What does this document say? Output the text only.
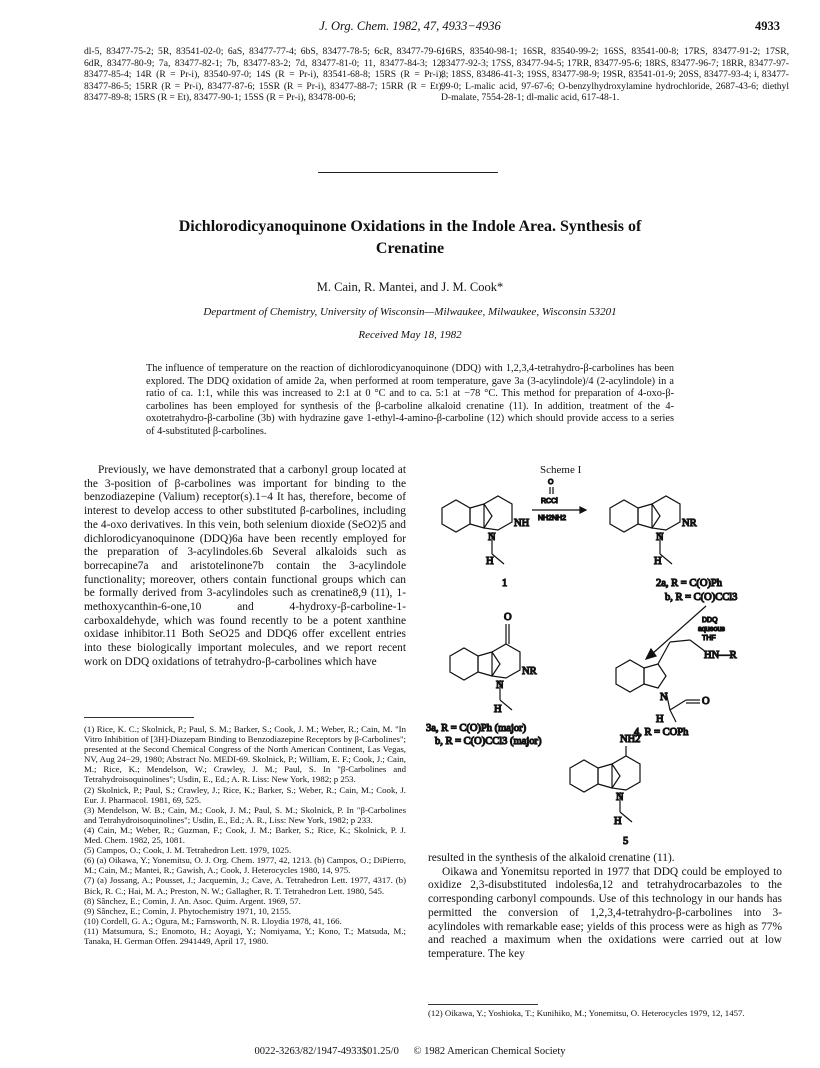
J. Org. Chem. 1982, 47, 4933−4936	4933
dl-5, 83477-75-2; 5R, 83541-02-0; 6aS, 83477-77-4; 6bS, 83477-78-5; 6cR, 83477-79-6; 6dR, 83477-80-9; 7a, 83477-82-1; 7b, 83477-83-2; 7d, 83477-81-0; 11, 83477-84-3; 12, 83477-85-4; 14R (R = Pr-i), 83540-97-0; 14S (R = Pr-i), 83541-68-8; 15RS (R = Pr-i), 83477-86-5; 15RR (R = Pr-i), 83477-87-6; 15SR (R = Pr-i), 83477-88-7; 15RR (R = Et), 83477-89-8; 15RS (R = Et), 83477-90-1; 15SS (R = Pr-i), 83478-00-6;
16RS, 83540-98-1; 16SR, 83540-99-2; 16SS, 83541-00-8; 17RS, 83477-91-2; 17SR, 83477-92-3; 17SS, 83477-94-5; 17RR, 83477-95-6; 18RS, 83477-96-7; 18RR, 83477-97-8; 18SS, 83486-41-3; 19SS, 83477-98-9; 19SR, 83541-01-9; 20SS, 83477-93-4; i, 83477-99-0; L-malic acid, 97-67-6; O-benzylhydroxylamine hydrochloride, 2687-43-6; diethyl D-malate, 7554-28-1; dl-malic acid, 617-48-1.
Dichlorodicyanoquinone Oxidations in the Indole Area. Synthesis of
Crenatine
M. Cain, R. Mantei, and J. M. Cook*
Department of Chemistry, University of Wisconsin—Milwaukee, Milwaukee, Wisconsin 53201
Received May 18, 1982
The influence of temperature on the reaction of dichlorodicyanoquinone (DDQ) with 1,2,3,4-tetrahydro-β-carbolines has been explored. The DDQ oxidation of amide 2a, when performed at room temperature, gave 3a (3-acylindole)/4 (2-acylindole) in a ratio of ca. 1:1, while this was increased to 2:1 at 0 °C and to ca. 5:1 at −78 °C. This method for preparation of 4-oxo-β-carbolines has been employed for synthesis of the β-carboline alkaloid crenatine (11). In addition, treatment of the 4-oxotetrahydro-β-carboline (3b) with hydrazine gave 1-ethyl-4-amino-β-carboline (12) which should provide access to a series of 4-substituted β-carbolines.
Previously, we have demonstrated that a carbonyl group located at the 3-position of β-carbolines was important for binding to the benzodiazepine (Valium) receptor(s).1−4 It has, therefore, become of interest to develop access to other substituted β-carbolines, including the 4-oxo derivatives. In this vein, both selenium dioxide (SeO2)5 and dichlorodicyanoquinone (DDQ)6a have been recently employed for the preparation of 3-acylindoles.6b Several alkaloids such as borrecapine7a and aristotelinone7b contain the 3-acylindole functionality; moreover, others contain functional groups which can be formally derived from 3-acylindoles such as crenatine8,9 (11), 1-methoxycanthin-6-one,10 and 4-hydroxy-β-carboline-1-carboxaldehyde, which was found recently to be a potent xanthine oxidase inhibitor.11 Both SeO25 and DDQ6 offer excellent entries into these biologically important molecules, and we report recent work on DDQ oxidations of tetrahydro-β-carbolines which have

(1) Rice, K. C.; Skolnick, P.; Paul, S. M.; Barker, S.; Cook, J. M.; Weber, R.; Cain, M. "In Vitro Inhibition of [3H]-Diazepam Binding to Benzodiazepine Receptors by β-Carbolines"; presented at the Second Chemical Congress of the North American Continent, Las Vegas, NV, Aug 24−29, 1980; Abstract No. MEDI-69. Skolnick, P.; William, E. F.; Cook, J.; Cain, M.; Rice, K.; Mendelson, W.; Crawley, J. M.; Paul, S. In "β-Carbolines and Tetrahydroisoquinolines"; Usdin, E., Ed.; A. R. Liss: New York, 1982; p 253.

(2) Skolnick, P.; Paul, S.; Crawley, J.; Rice, K.; Barker, S.; Weber, R.; Cain, M.; Cook, J. Eur. J. Pharmacol. 1981, 69, 525.

(3) Mendelson, W. B.; Cain, M.; Cook, J. M.; Paul, S. M.; Skolnick, P. In "β-Carbolines and Tetrahydroisoquinolines"; Usdin, E., Ed.; A. R., Liss: New York, 1982; p 233.

(4) Cain, M.; Weber, R.; Guzman, F.; Cook, J. M.; Barker, S.; Rice, K.; Skolnick, P. J. Med. Chem. 1982, 25, 1081.

(5) Campos, O.; Cook, J. M. Tetrahedron Lett. 1979, 1025.

(6) (a) Oikawa, Y.; Yonemitsu, O. J. Org. Chem. 1977, 42, 1213. (b) Campos, O.; DiPierro, M.; Cain, M.; Mantei, R.; Gawish, A.; Cook, J. Heterocycles 1980, 14, 975.

(7) (a) Jossang, A.; Pousset, J.; Jacquemin, J.; Cave, A. Tetrahedron Lett. 1977, 4317. (b) Bick, R. C.; Hai, M. A.; Preston, N. W.; Gallagher, R. T. Tetrahedron Lett. 1980, 545.

(8) Sânchez, E.; Comin, J. An. Asoc. Quim. Argent. 1969, 57.

(9) Sânchez, E.; Comin, J. Phytochemistry 1971, 10, 2155.

(10) Cordell, G. A.; Ogura, M.; Farnsworth, N. R. Lloydia 1978, 41, 166.

(11) Matsumura, S.; Enomoto, H.; Aoyagi, Y.; Nomiyama, Y.; Kono, T.; Matsuda, M.; Tanaka, H. German Offen. 2941449, April 17, 1980.

Scheme I
N
NH
H
1
O
RCCl
NH2NH2
N
NR
H
2a, R = C(O)Ph
b, R = C(O)CCl3
DDQ
aqueous
THF
O
N
NR
H
3a, R = C(O)Ph (major)
b, R = C(O)CCl3 (major)
N
HN—R
O
H
4, R = COPh
NH2
N
H
5

resulted in the synthesis of the alkaloid crenatine (11).

Oikawa and Yonemitsu reported in 1977 that DDQ could be employed to oxidize 2,3-disubstituted indoles6a,12 and tetrahydrocarbazoles to the corresponding carbonyl compounds. Use of this technology in our hands has permitted the conversion of 1,2,3,4-tetrahydro-β-carbolines into 3-acylindoles with remarkable ease; yields of this process were as high as 77% and reached a maximum when the oxidations were carried out at low temperature. The key

(12) Oikawa, Y.; Yoshioka, T.; Kunihiko, M.; Yonemitsu, O. Heterocycles 1979, 12, 1457.
0022-3263/82/1947-4933$01.25/0 © 1982 American Chemical Society
